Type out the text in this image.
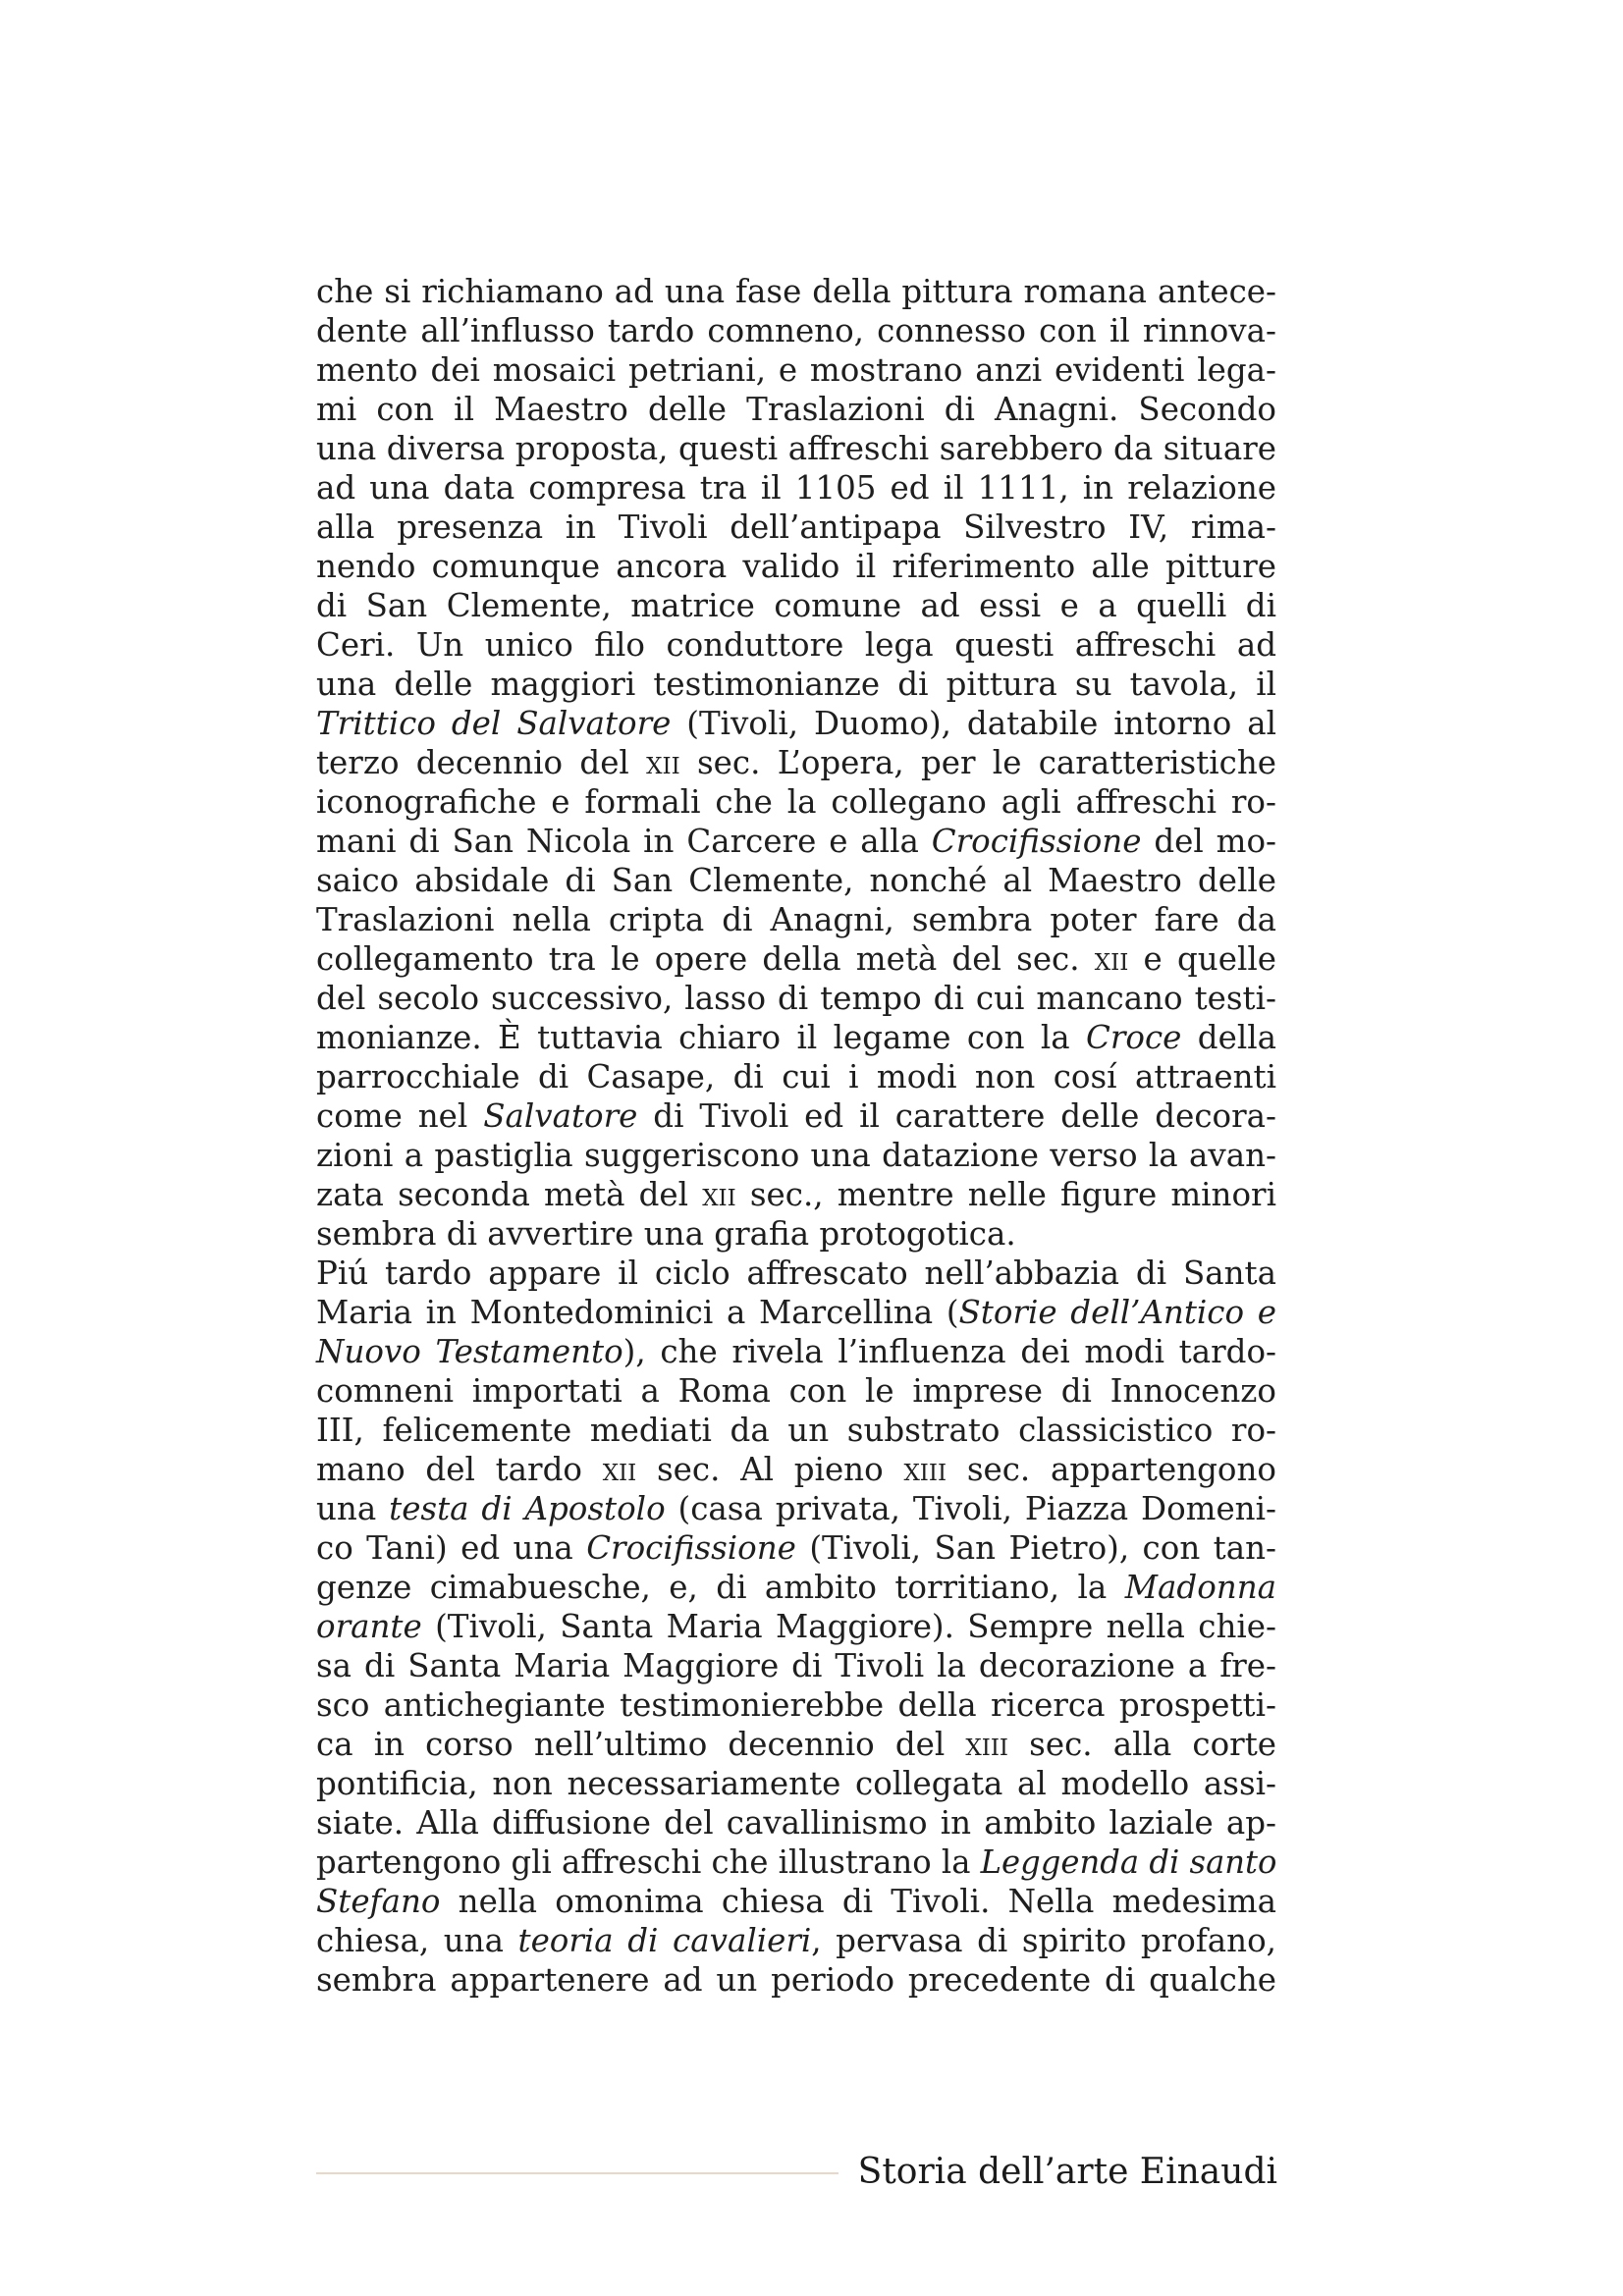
che si richiamano ad una fase della pittura romana antece-
dente all’influsso tardo comneno, connesso con il rinnova-
mento dei mosaici petriani, e mostrano anzi evidenti lega-
mi con il Maestro delle Traslazioni di Anagni. Secondo
una diversa proposta, questi affreschi sarebbero da situare
ad una data compresa tra il 1105 ed il 1111, in relazione
alla presenza in Tivoli dell’antipapa Silvestro IV, rima-
nendo comunque ancora valido il riferimento alle pitture
di San Clemente, matrice comune ad essi e a quelli di
Ceri. Un unico filo conduttore lega questi affreschi ad
una delle maggiori testimonianze di pittura su tavola, il
Trittico del Salvatore (Tivoli, Duomo), databile intorno al
terzo decennio del xii sec. L’opera, per le caratteristiche
iconografiche e formali che la collegano agli affreschi ro-
mani di San Nicola in Carcere e alla Crocifissione del mo-
saico absidale di San Clemente, nonché al Maestro delle
Traslazioni nella cripta di Anagni, sembra poter fare da
collegamento tra le opere della metà del sec. xii e quelle
del secolo successivo, lasso di tempo di cui mancano testi-
monianze. È tuttavia chiaro il legame con la Croce della
parrocchiale di Casape, di cui i modi non cosí attraenti
come nel Salvatore di Tivoli ed il carattere delle decora-
zioni a pastiglia suggeriscono una datazione verso la avan-
zata seconda metà del xii sec., mentre nelle figure minori
sembra di avvertire una grafia protogotica.
Piú tardo appare il ciclo affrescato nell’abbazia di Santa
Maria in Montedominici a Marcellina (Storie dell’Antico e
Nuovo Testamento), che rivela l’influenza dei modi tardo-
comneni importati a Roma con le imprese di Innocenzo
III, felicemente mediati da un substrato classicistico ro-
mano del tardo xii sec. Al pieno xiii sec. appartengono
una testa di Apostolo (casa privata, Tivoli, Piazza Domeni-
co Tani) ed una Crocifissione (Tivoli, San Pietro), con tan-
genze cimabuesche, e, di ambito torritiano, la Madonna
orante (Tivoli, Santa Maria Maggiore). Sempre nella chie-
sa di Santa Maria Maggiore di Tivoli la decorazione a fre-
sco antichegiante testimonierebbe della ricerca prospetti-
ca in corso nell’ultimo decennio del xiii sec. alla corte
pontificia, non necessariamente collegata al modello assi-
siate. Alla diffusione del cavallinismo in ambito laziale ap-
partengono gli affreschi che illustrano la Leggenda di santo
Stefano nella omonima chiesa di Tivoli. Nella medesima
chiesa, una teoria di cavalieri, pervasa di spirito profano,
sembra appartenere ad un periodo precedente di qualche
Storia dell’arte Einaudi
